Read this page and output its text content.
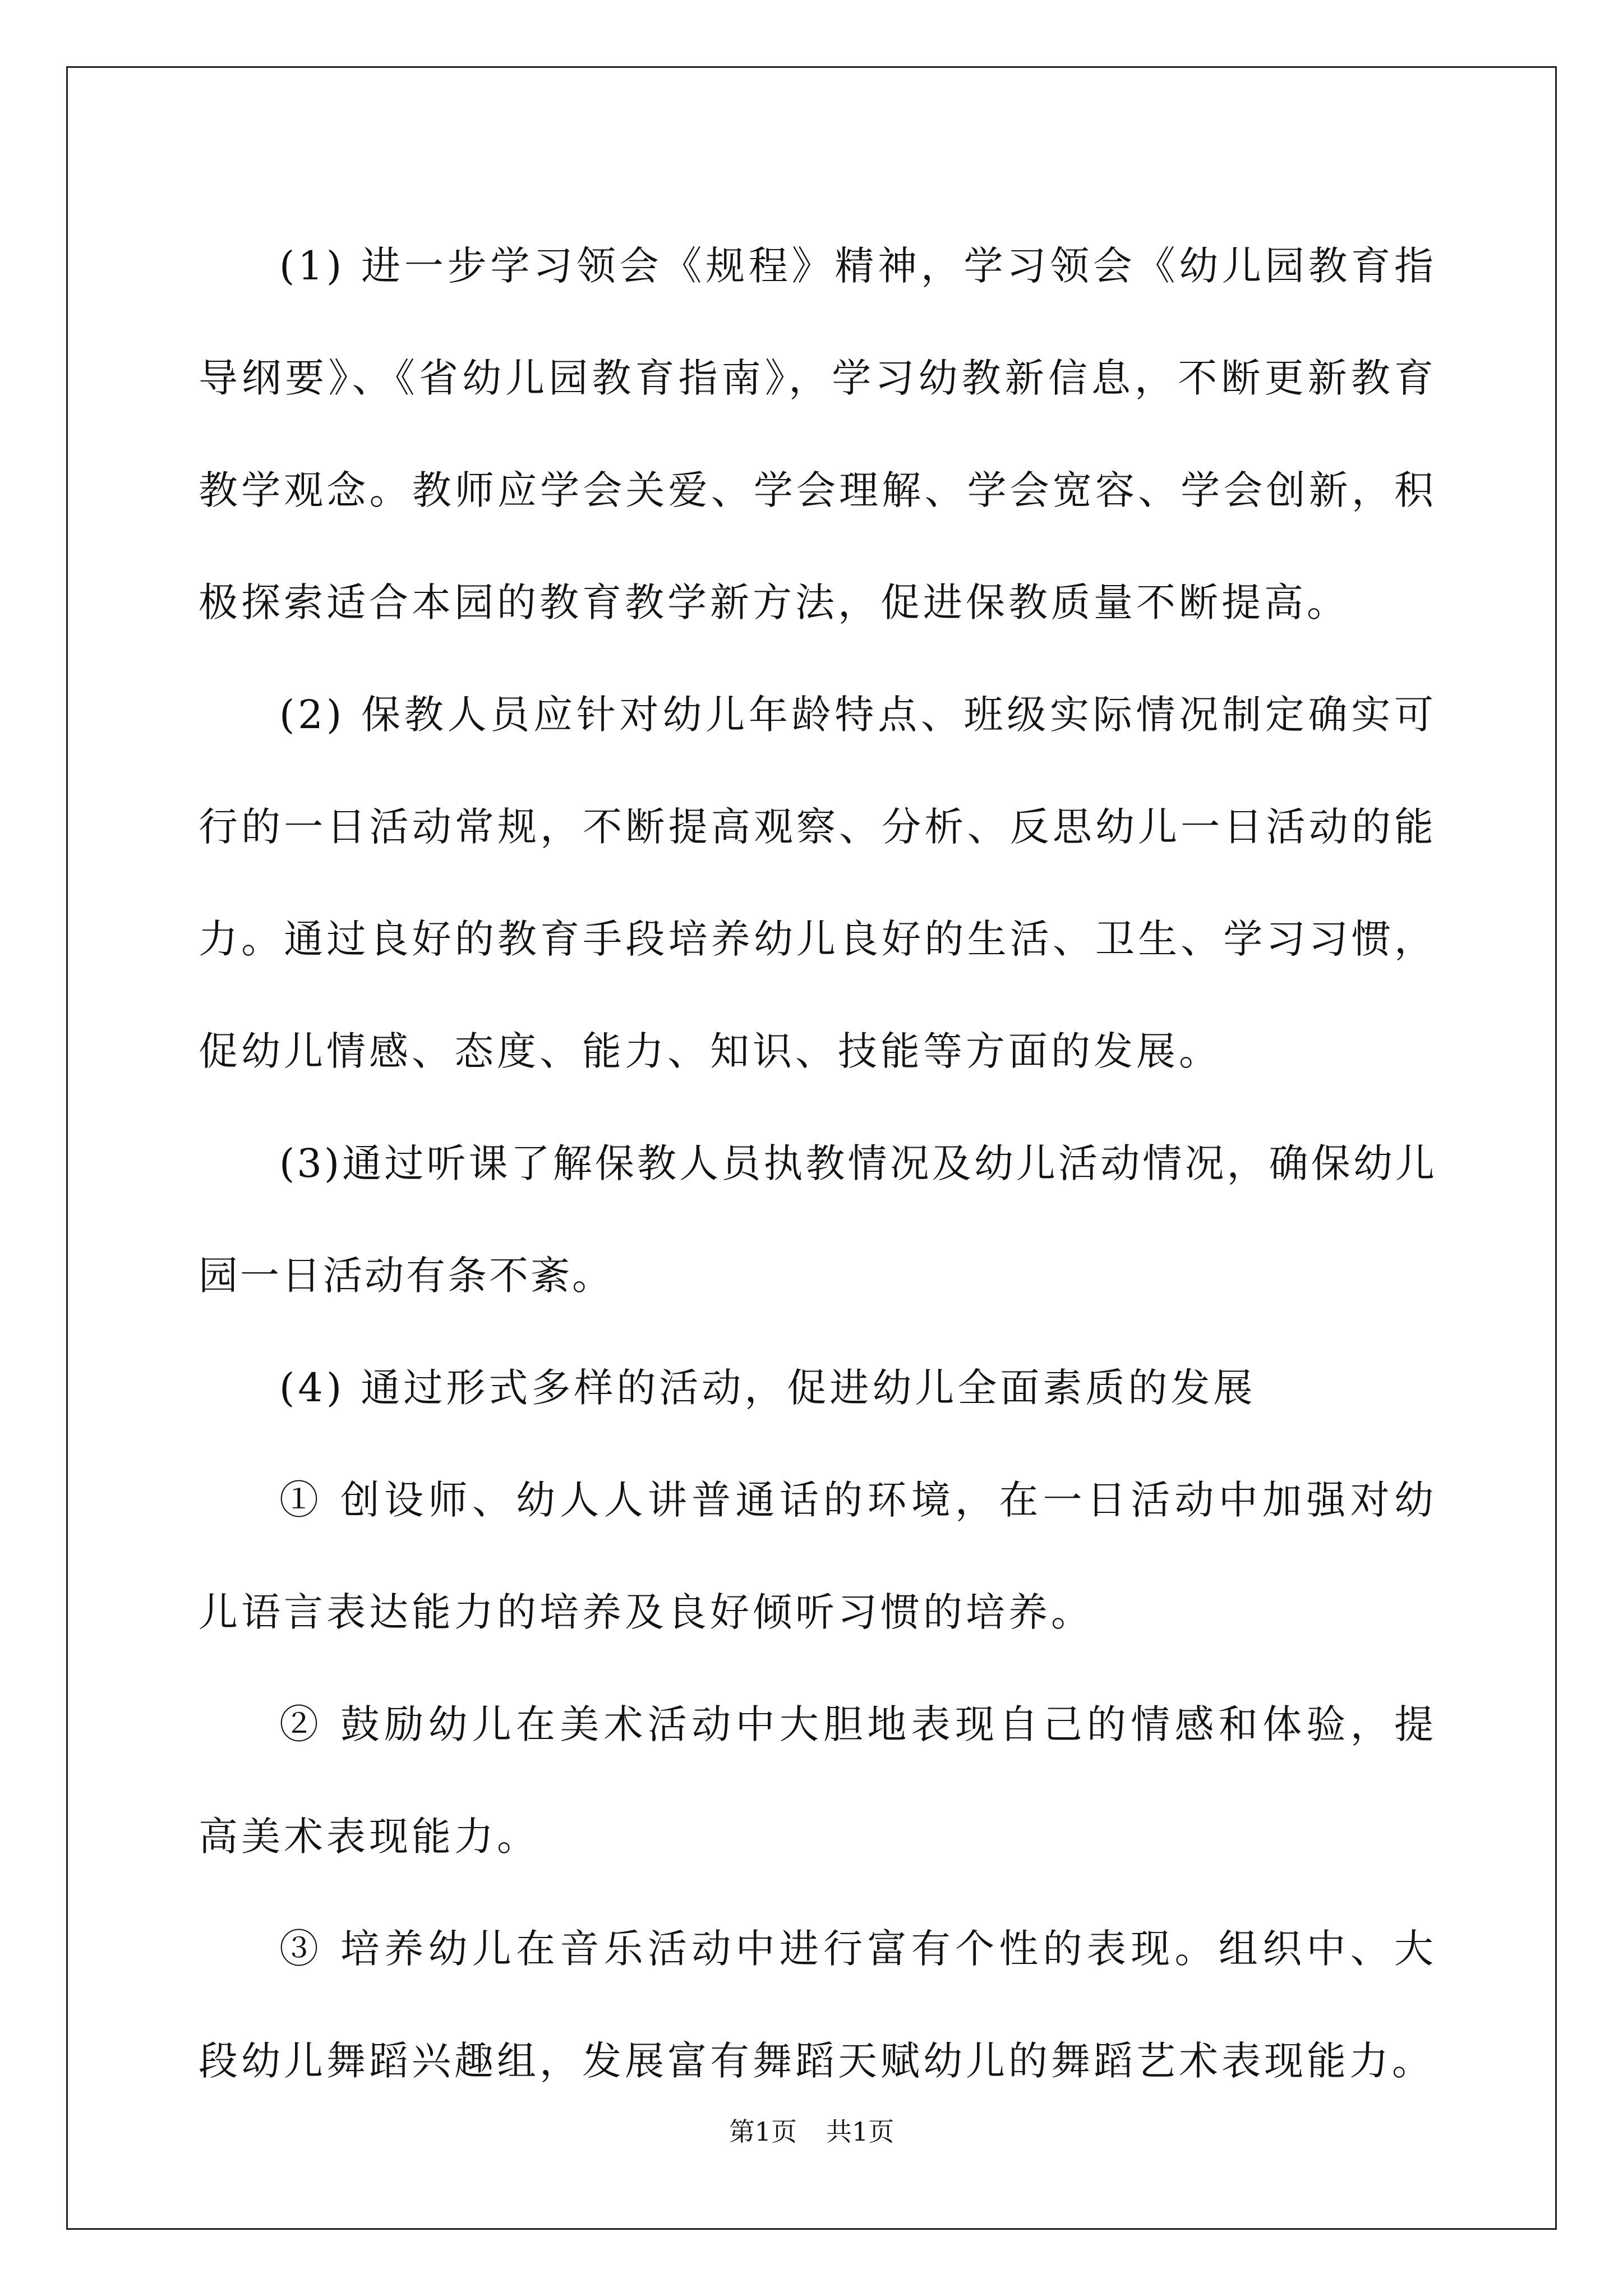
(1) 进一步学习领会《规程》精神，学习领会《幼儿园教育指导纲要》、《省幼儿园教育指南》，学习幼教新信息，不断更新教育教学观念。教师应学会关爱、学会理解、学会宽容、学会创新，积极探索适合本园的教育教学新方法，促进保教质量不断提高。

(2) 保教人员应针对幼儿年龄特点、班级实际情况制定确实可行的一日活动常规，不断提高观察、分析、反思幼儿一日活动的能力。通过良好的教育手段培养幼儿良好的生活、卫生、学习习惯，促幼儿情感、态度、能力、知识、技能等方面的发展。

(3)通过听课了解保教人员执教情况及幼儿活动情况，确保幼儿园一日活动有条不紊。

(4) 通过形式多样的活动，促进幼儿全面素质的发展

① 创设师、幼人人讲普通话的环境，在一日活动中加强对幼儿语言表达能力的培养及良好倾听习惯的培养。

② 鼓励幼儿在美术活动中大胆地表现自己的情感和体验，提高美术表现能力。

③ 培养幼儿在音乐活动中进行富有个性的表现。组织中、大段幼儿舞蹈兴趣组，发展富有舞蹈天赋幼儿的舞蹈艺术表现能力。

第1页 共1页
